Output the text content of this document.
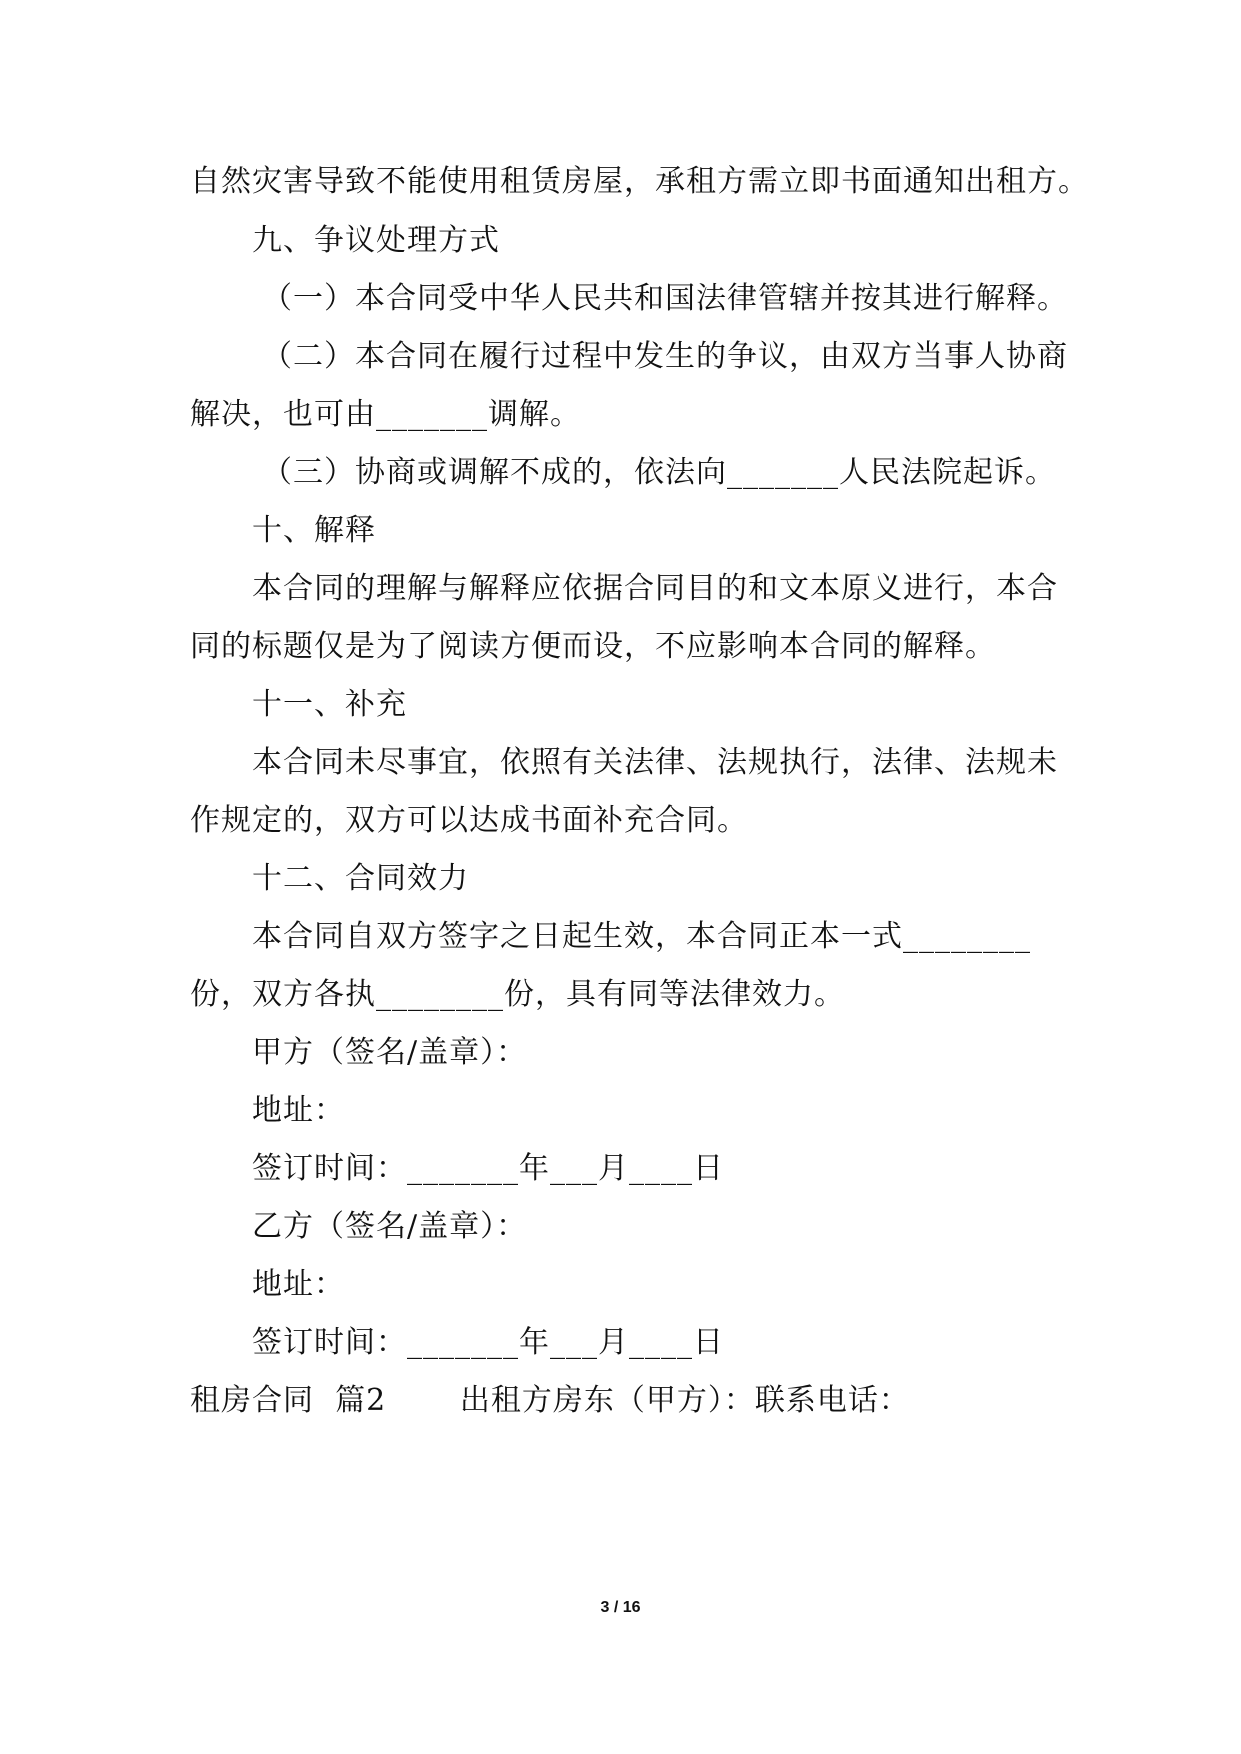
自然灾害导致不能使用租赁房屋，承租方需立即书面通知出租方。
九、争议处理方式
（一）本合同受中华人民共和国法律管辖并按其进行解释。
（二）本合同在履行过程中发生的争议，由双方当事人协商
解决，也可由_______调解。
（三）协商或调解不成的，依法向_______人民法院起诉。
十、解释
本合同的理解与解释应依据合同目的和文本原义进行，本合
同的标题仅是为了阅读方便而设，不应影响本合同的解释。
十一、补充
本合同未尽事宜，依照有关法律、法规执行，法律、法规未
作规定的，双方可以达成书面补充合同。
十二、合同效力
本合同自双方签字之日起生效，本合同正本一式________
份，双方各执________份，具有同等法律效力。
甲方（签名/盖章）：
地址：
签订时间：_______年___月____日
乙方（签名/盖章）：
地址：
签订时间：_______年___月____日
租房合同  篇2       出租方房东（甲方）：联系电话：
3 / 16
